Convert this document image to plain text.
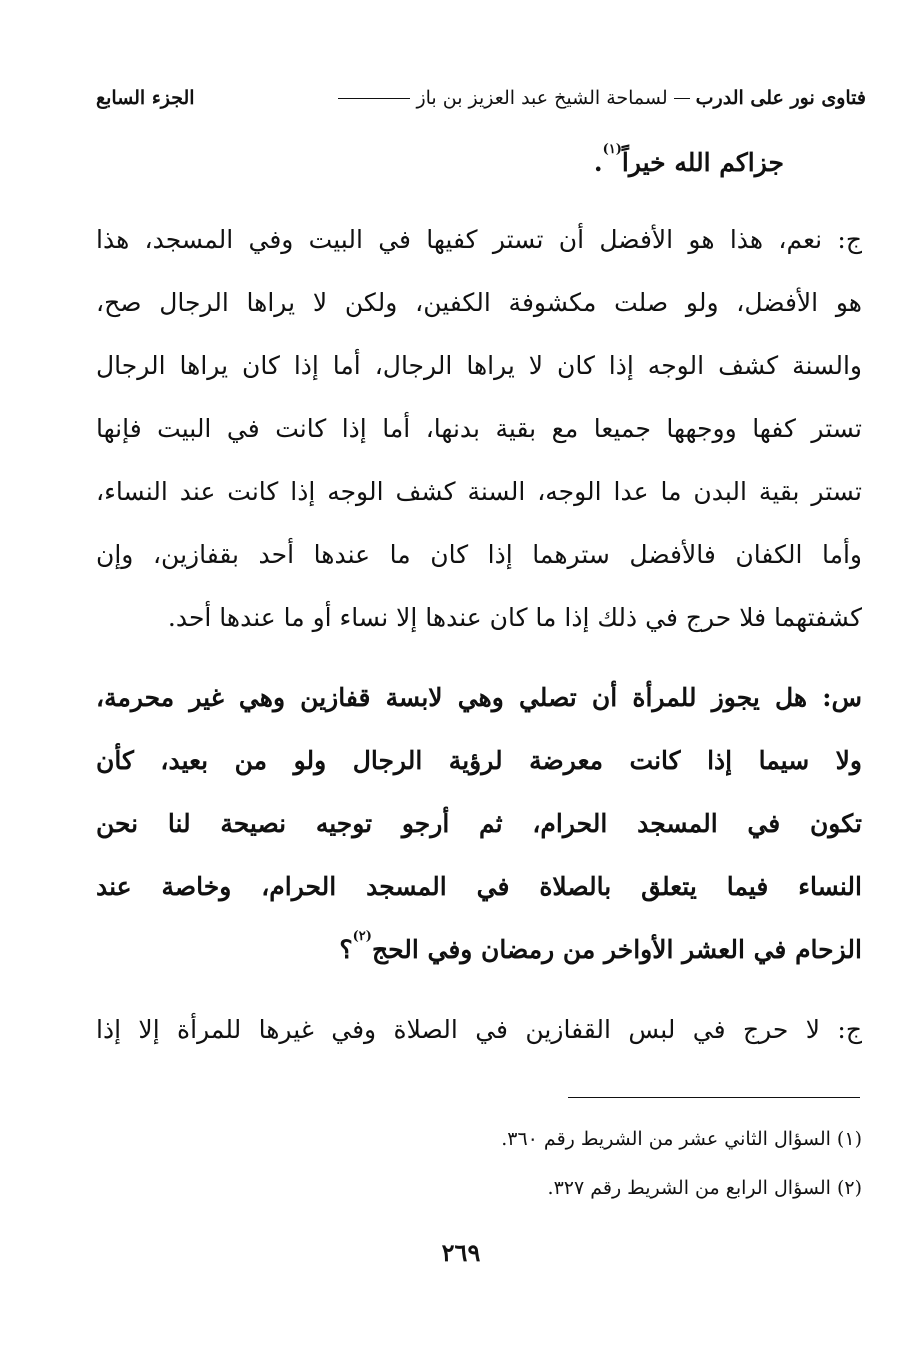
فتاوى نور على الدرب
لسماحة الشيخ عبد العزيز بن باز
الجزء السابع
جزاكم الله خيراً$^{(١)}$.
ج: نعم، هذا هو الأفضل أن تستر كفيها في البيت وفي المسجد، هذا
هو الأفضل، ولو صلت مكشوفة الكفين، ولكن لا يراها الرجال صح،
والسنة كشف الوجه إذا كان لا يراها الرجال، أما إذا كان يراها الرجال
تستر كفها ووجهها جميعا مع بقية بدنها، أما إذا كانت في البيت فإنها
تستر بقية البدن ما عدا الوجه، السنة كشف الوجه إذا كانت عند النساء،
وأما الكفان فالأفضل سترهما إذا كان ما عندها أحد بقفازين، وإن
كشفتهما فلا حرج في ذلك إذا ما كان عندها إلا نساء أو ما عندها أحد.
س: هل يجوز للمرأة أن تصلي وهي لابسة قفازين وهي غير محرمة،
ولا سيما إذا كانت معرضة لرؤية الرجال ولو من بعيد، كأن
تكون في المسجد الحرام، ثم أرجو توجيه نصيحة لنا نحن
النساء فيما يتعلق بالصلاة في المسجد الحرام، وخاصة عند
الزحام في العشر الأواخر من رمضان وفي الحج$^{(٢)}$؟
ج: لا حرج في لبس القفازين في الصلاة وفي غيرها للمرأة إلا إذا
(١) السؤال الثاني عشر من الشريط رقم ٣٦٠.
(٢) السؤال الرابع من الشريط رقم ٣٢٧.
٢٦٩
